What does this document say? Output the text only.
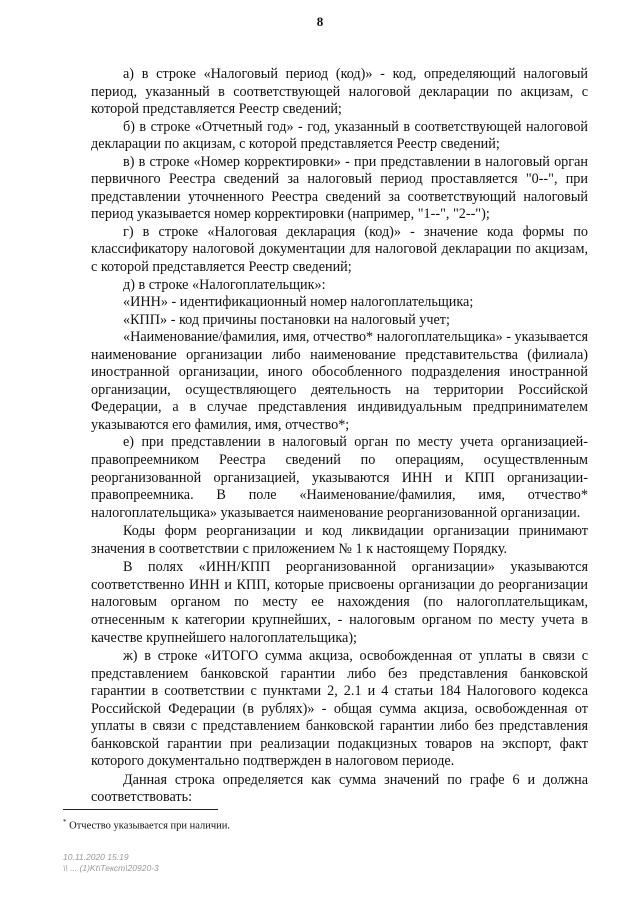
8

а) в строке «Налоговый период (код)» - код, определяющий налоговый период, указанный в соответствующей налоговой декларации по акцизам, с которой представляется Реестр сведений;

б) в строке «Отчетный год» - год, указанный в соответствующей налоговой декларации по акцизам, с которой представляется Реестр сведений;

в) в строке «Номер корректировки» - при представлении в налоговый орган первичного Реестра сведений за налоговый период проставляется "0--", при представлении уточненного Реестра сведений за соответствующий налоговый период указывается номер корректировки (например, "1--", "2--");

г) в строке «Налоговая декларация (код)» - значение кода формы по классификатору налоговой документации для налоговой декларации по акцизам, с которой представляется Реестр сведений;

д) в строке «Налогоплательщик»:

«ИНН» - идентификационный номер налогоплательщика;

«КПП» - код причины постановки на налоговый учет;

«Наименование/фамилия, имя, отчество* налогоплательщика» - указывается наименование организации либо наименование представительства (филиала) иностранной организации, иного обособленного подразделения иностранной организации, осуществляющего деятельность на территории Российской Федерации, а в случае представления индивидуальным предпринимателем указываются его фамилия, имя, отчество*;

е) при представлении в налоговый орган по месту учета организацией-правопреемником Реестра сведений по операциям, осуществленным реорганизованной организацией, указываются ИНН и КПП организации-правопреемника. В поле «Наименование/фамилия, имя, отчество* налогоплательщика» указывается наименование реорганизованной организации.

Коды форм реорганизации и код ликвидации организации принимают значения в соответствии с приложением № 1 к настоящему Порядку.

В полях «ИНН/КПП реорганизованной организации» указываются соответственно ИНН и КПП, которые присвоены организации до реорганизации налоговым органом по месту ее нахождения (по налогоплательщикам, отнесенным к категории крупнейших, - налоговым органом по месту учета в качестве крупнейшего налогоплательщика);

ж) в строке «ИТОГО сумма акциза, освобожденная от уплаты в связи с представлением банковской гарантии либо без представления банковской гарантии в соответствии с пунктами 2, 2.1 и 4 статьи 184 Налогового кодекса Российской Федерации (в рублях)» - общая сумма акциза, освобожденная от уплаты в связи с представлением банковской гарантии либо без представления банковской гарантии при реализации подакцизных товаров на экспорт, факт которого документально подтвержден в налоговом периоде.

Данная строка определяется как сумма значений по графе 6 и должна соответствовать:

* Отчество указывается при наличии.
10.11.2020 15:19
\\ ... (1)Kt\Текст\20920-3
